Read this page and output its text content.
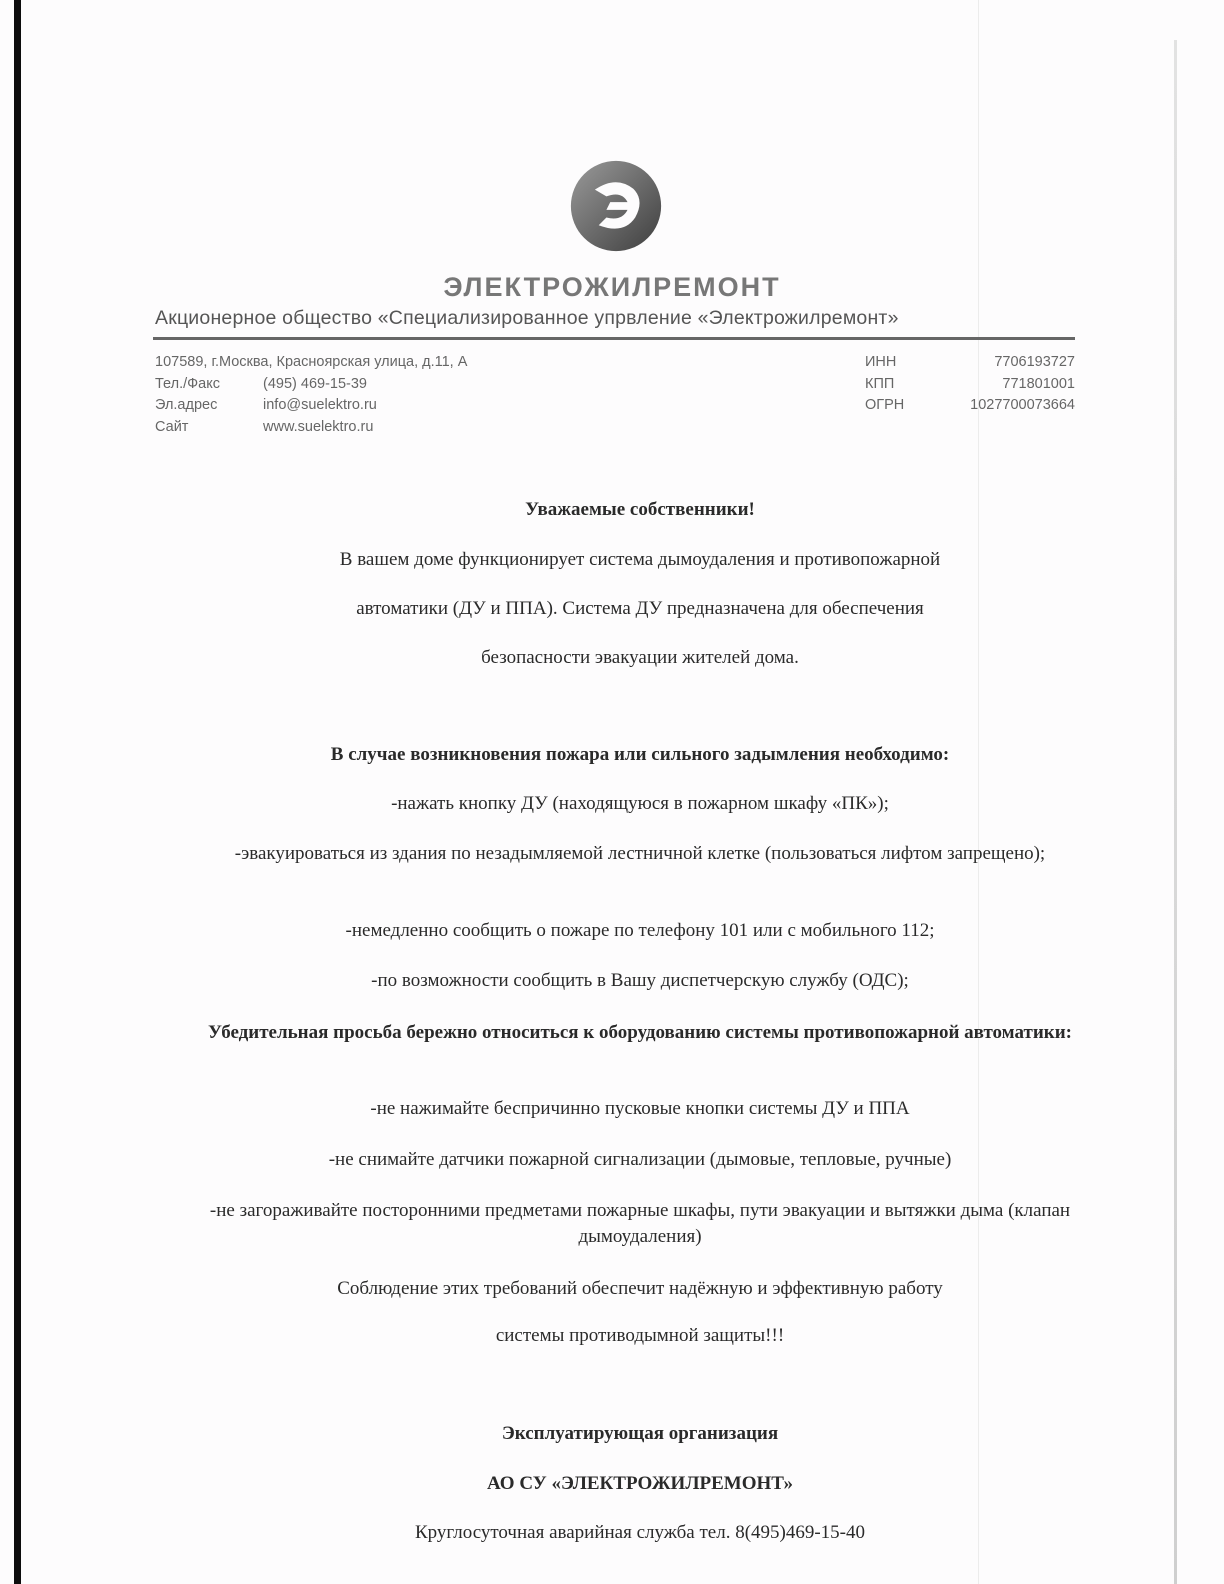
ЭЛЕКТРОЖИЛРЕМОНТ
Акционерное общество «Специализированное упрвление «Электрожилремонт»
107589, г.Москва, Красноярская улица, д.11, А
Тел./Факс	(495) 469-15-39
Эл.адрес	info@suelektro.ru
Сайт	www.suelektro.ru
ИНН	7706193727
КПП	771801001
ОГРН	1027700073664
Уважаемые собственники!
В вашем доме функционирует система дымоудаления и противопожарной
автоматики (ДУ и ППА). Система ДУ предназначена для обеспечения
безопасности эвакуации жителей дома.
В случае возникновения пожара или сильного задымления необходимо:
-нажать кнопку ДУ (находящуюся в пожарном шкафу «ПК»);
-эвакуироваться из здания по незадымляемой лестничной клетке (пользоваться лифтом запрещено);
-немедленно сообщить о пожаре по телефону 101 или с мобильного 112;
-по возможности сообщить в Вашу диспетчерскую службу (ОДС);
Убедительная просьба бережно относиться к оборудованию системы противопожарной автоматики:
-не нажимайте беспричинно пусковые кнопки системы ДУ и ППА
-не снимайте датчики пожарной сигнализации (дымовые, тепловые, ручные)
-не загораживайте посторонними предметами пожарные шкафы, пути эвакуации и вытяжки дыма (клапан дымоудаления)
Соблюдение этих требований обеспечит надёжную и эффективную работу
системы противодымной защиты!!!
Эксплуатирующая организация
АО СУ «ЭЛЕКТРОЖИЛРЕМОНТ»
Круглосуточная аварийная служба тел. 8(495)469-15-40
